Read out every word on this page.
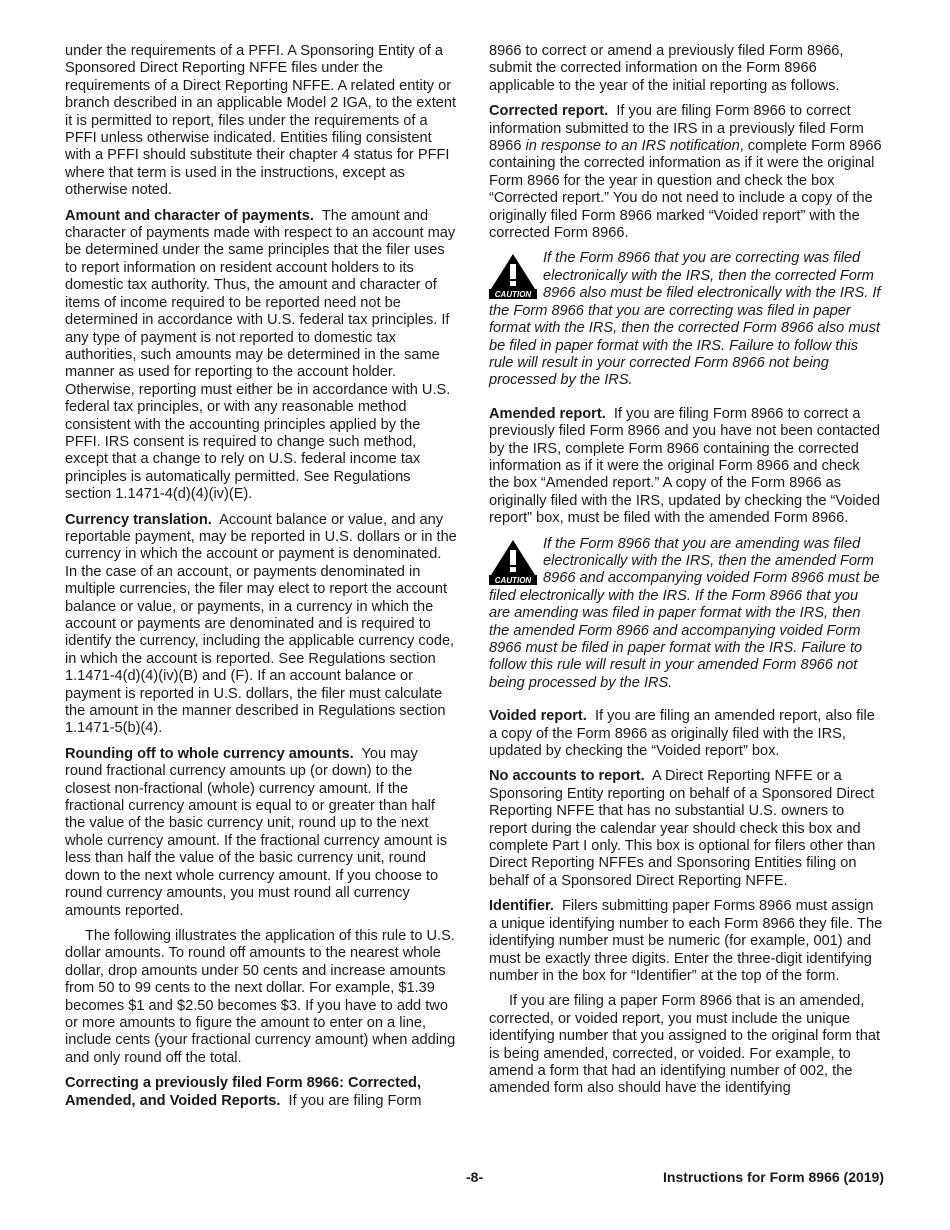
under the requirements of a PFFI. A Sponsoring Entity of a Sponsored Direct Reporting NFFE files under the requirements of a Direct Reporting NFFE. A related entity or branch described in an applicable Model 2 IGA, to the extent it is permitted to report, files under the requirements of a PFFI unless otherwise indicated. Entities filing consistent with a PFFI should substitute their chapter 4 status for PFFI where that term is used in the instructions, except as otherwise noted.

Amount and character of payments. The amount and character of payments made with respect to an account may be determined under the same principles that the filer uses to report information on resident account holders to its domestic tax authority. Thus, the amount and character of items of income required to be reported need not be determined in accordance with U.S. federal tax principles. If any type of payment is not reported to domestic tax authorities, such amounts may be determined in the same manner as used for reporting to the account holder. Otherwise, reporting must either be in accordance with U.S. federal tax principles, or with any reasonable method consistent with the accounting principles applied by the PFFI. IRS consent is required to change such method, except that a change to rely on U.S. federal income tax principles is automatically permitted. See Regulations section 1.1471-4(d)(4)(iv)(E).

Currency translation. Account balance or value, and any reportable payment, may be reported in U.S. dollars or in the currency in which the account or payment is denominated. In the case of an account, or payments denominated in multiple currencies, the filer may elect to report the account balance or value, or payments, in a currency in which the account or payments are denominated and is required to identify the currency, including the applicable currency code, in which the account is reported. See Regulations section 1.1471-4(d)(4)(iv)(B) and (F). If an account balance or payment is reported in U.S. dollars, the filer must calculate the amount in the manner described in Regulations section 1.1471-5(b)(4).

Rounding off to whole currency amounts. You may round fractional currency amounts up (or down) to the closest non-fractional (whole) currency amount. If the fractional currency amount is equal to or greater than half the value of the basic currency unit, round up to the next whole currency amount. If the fractional currency amount is less than half the value of the basic currency unit, round down to the next whole currency amount. If you choose to round currency amounts, you must round all currency amounts reported.

The following illustrates the application of this rule to U.S. dollar amounts. To round off amounts to the nearest whole dollar, drop amounts under 50 cents and increase amounts from 50 to 99 cents to the next dollar. For example, $1.39 becomes $1 and $2.50 becomes $3. If you have to add two or more amounts to figure the amount to enter on a line, include cents (your fractional currency amount) when adding and only round off the total.

Correcting a previously filed Form 8966: Corrected, Amended, and Voided Reports. If you are filing Form

8966 to correct or amend a previously filed Form 8966, submit the corrected information on the Form 8966 applicable to the year of the initial reporting as follows.

Corrected report. If you are filing Form 8966 to correct information submitted to the IRS in a previously filed Form 8966 in response to an IRS notification, complete Form 8966 containing the corrected information as if it were the original Form 8966 for the year in question and check the box “Corrected report.” You do not need to include a copy of the originally filed Form 8966 marked “Voided report” with the corrected Form 8966.

CAUTION
If the Form 8966 that you are correcting was filed electronically with the IRS, then the corrected Form 8966 also must be filed electronically with the IRS. If the Form 8966 that you are correcting was filed in paper format with the IRS, then the corrected Form 8966 also must be filed in paper format with the IRS. Failure to follow this rule will result in your corrected Form 8966 not being processed by the IRS.

Amended report. If you are filing Form 8966 to correct a previously filed Form 8966 and you have not been contacted by the IRS, complete Form 8966 containing the corrected information as if it were the original Form 8966 and check the box “Amended report.” A copy of the Form 8966 as originally filed with the IRS, updated by checking the “Voided report” box, must be filed with the amended Form 8966.

CAUTION
If the Form 8966 that you are amending was filed electronically with the IRS, then the amended Form 8966 and accompanying voided Form 8966 must be filed electronically with the IRS. If the Form 8966 that you are amending was filed in paper format with the IRS, then the amended Form 8966 and accompanying voided Form 8966 must be filed in paper format with the IRS. Failure to follow this rule will result in your amended Form 8966 not being processed by the IRS.

Voided report. If you are filing an amended report, also file a copy of the Form 8966 as originally filed with the IRS, updated by checking the “Voided report” box.

No accounts to report. A Direct Reporting NFFE or a Sponsoring Entity reporting on behalf of a Sponsored Direct Reporting NFFE that has no substantial U.S. owners to report during the calendar year should check this box and complete Part I only. This box is optional for filers other than Direct Reporting NFFEs and Sponsoring Entities filing on behalf of a Sponsored Direct Reporting NFFE.

Identifier. Filers submitting paper Forms 8966 must assign a unique identifying number to each Form 8966 they file. The identifying number must be numeric (for example, 001) and must be exactly three digits. Enter the three-digit identifying number in the box for “Identifier” at the top of the form.

If you are filing a paper Form 8966 that is an amended, corrected, or voided report, you must include the unique identifying number that you assigned to the original form that is being amended, corrected, or voided. For example, to amend a form that had an identifying number of 002, the amended form also should have the identifying

-8-	Instructions for Form 8966 (2019)
